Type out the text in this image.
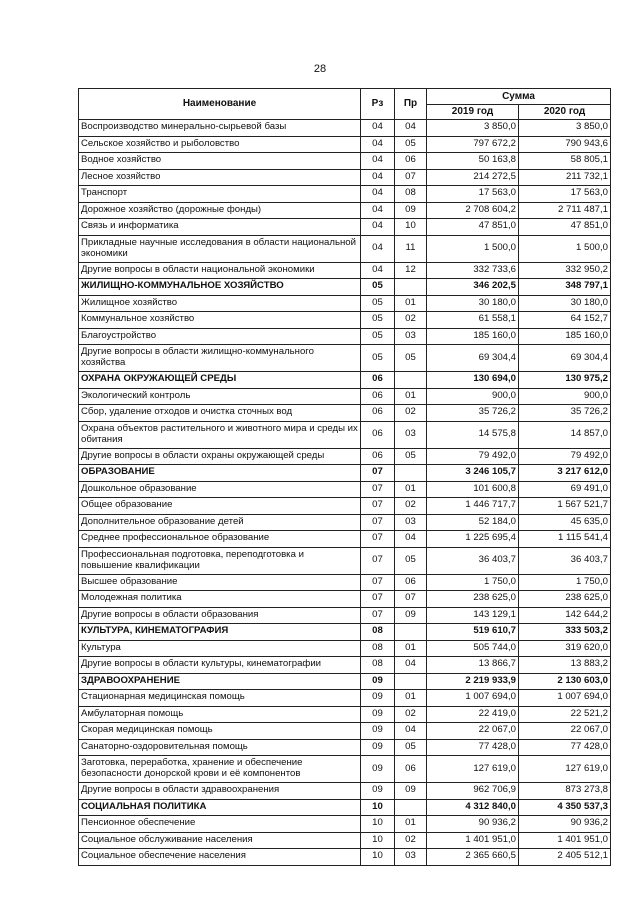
28
Наименование	Рз	Пр	Сумма	
			2019 год	2020 год
Воспроизводство минерально-сырьевой базы	04	04	3 850,0	3 850,0
Сельское хозяйство и рыболовство	04	05	797 672,2	790 943,6
Водное хозяйство	04	06	50 163,8	58 805,1
Лесное хозяйство	04	07	214 272,5	211 732,1
Транспорт	04	08	17 563,0	17 563,0
Дорожное хозяйство (дорожные фонды)	04	09	2 708 604,2	2 711 487,1
Связь и информатика	04	10	47 851,0	47 851,0
Прикладные научные исследования в области национальной экономики	04	11	1 500,0	1 500,0
Другие вопросы в области национальной экономики	04	12	332 733,6	332 950,2
ЖИЛИЩНО-КОММУНАЛЬНОЕ ХОЗЯЙСТВО	05		346 202,5	348 797,1
Жилищное хозяйство	05	01	30 180,0	30 180,0
Коммунальное хозяйство	05	02	61 558,1	64 152,7
Благоустройство	05	03	185 160,0	185 160,0
Другие вопросы в области жилищно-коммунального хозяйства	05	05	69 304,4	69 304,4
ОХРАНА ОКРУЖАЮЩЕЙ СРЕДЫ	06		130 694,0	130 975,2
Экологический контроль	06	01	900,0	900,0
Сбор, удаление отходов и очистка сточных вод	06	02	35 726,2	35 726,2
Охрана объектов растительного и животного мира и среды их обитания	06	03	14 575,8	14 857,0
Другие вопросы в области охраны окружающей среды	06	05	79 492,0	79 492,0
ОБРАЗОВАНИЕ	07		3 246 105,7	3 217 612,0
Дошкольное образование	07	01	101 600,8	69 491,0
Общее образование	07	02	1 446 717,7	1 567 521,7
Дополнительное образование детей	07	03	52 184,0	45 635,0
Среднее профессиональное образование	07	04	1 225 695,4	1 115 541,4
Профессиональная подготовка, переподготовка и повышение квалификации	07	05	36 403,7	36 403,7
Высшее образование	07	06	1 750,0	1 750,0
Молодежная политика	07	07	238 625,0	238 625,0
Другие вопросы в области образования	07	09	143 129,1	142 644,2
КУЛЬТУРА, КИНЕМАТОГРАФИЯ	08		519 610,7	333 503,2
Культура	08	01	505 744,0	319 620,0
Другие вопросы в области культуры, кинематографии	08	04	13 866,7	13 883,2
ЗДРАВООХРАНЕНИЕ	09		2 219 933,9	2 130 603,0
Стационарная медицинская помощь	09	01	1 007 694,0	1 007 694,0
Амбулаторная помощь	09	02	22 419,0	22 521,2
Скорая медицинская помощь	09	04	22 067,0	22 067,0
Санаторно-оздоровительная помощь	09	05	77 428,0	77 428,0
Заготовка, переработка, хранение и обеспечение безопасности донорской крови и её компонентов	09	06	127 619,0	127 619,0
Другие вопросы в области здравоохранения	09	09	962 706,9	873 273,8
СОЦИАЛЬНАЯ ПОЛИТИКА	10		4 312 840,0	4 350 537,3
Пенсионное обеспечение	10	01	90 936,2	90 936,2
Социальное обслуживание населения	10	02	1 401 951,0	1 401 951,0
Социальное обеспечение населения	10	03	2 365 660,5	2 405 512,1
